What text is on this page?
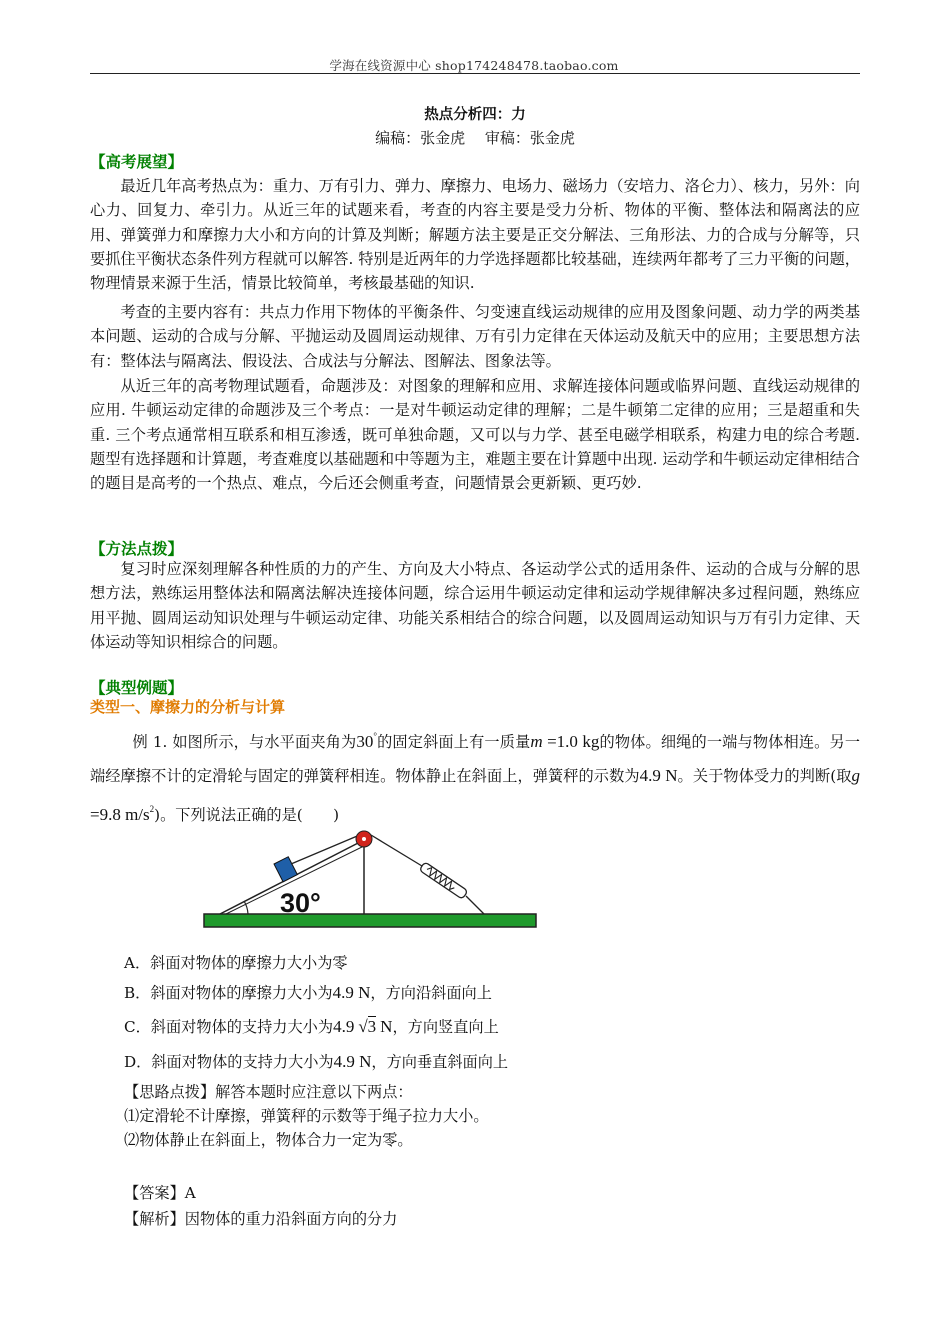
学海在线资源中心 shop174248478.taobao.com
热点分析四：力
编稿：张金虎　 审稿：张金虎
【高考展望】

最近几年高考热点为：重力、万有引力、弹力、摩擦力、电场力、磁场力（安培力、洛仑力）、核力，另外：向心力、回复力、牵引力。从近三年的试题来看，考查的内容主要是受力分析、物体的平衡、整体法和隔离法的应用、弹簧弹力和摩擦力大小和方向的计算及判断；解题方法主要是正交分解法、三角形法、力的合成与分解等，只要抓住平衡状态条件列方程就可以解答. 特别是近两年的力学选择题都比较基础，连续两年都考了三力平衡的问题，物理情景来源于生活，情景比较简单，考核最基础的知识.

考查的主要内容有：共点力作用下物体的平衡条件、匀变速直线运动规律的应用及图象问题、动力学的两类基本问题、运动的合成与分解、平抛运动及圆周运动规律、万有引力定律在天体运动及航天中的应用；主要思想方法有：整体法与隔离法、假设法、合成法与分解法、图解法、图象法等。

从近三年的高考物理试题看，命题涉及：对图象的理解和应用、求解连接体问题或临界问题、直线运动规律的应用. 牛顿运动定律的命题涉及三个考点：一是对牛顿运动定律的理解；二是牛顿第二定律的应用；三是超重和失重. 三个考点通常相互联系和相互渗透，既可单独命题，又可以与力学、甚至电磁学相联系，构建力电的综合考题. 题型有选择题和计算题，考查难度以基础题和中等题为主，难题主要在计算题中出现. 运动学和牛顿运动定律相结合的题目是高考的一个热点、难点，今后还会侧重考查，问题情景会更新颖、更巧妙.

【方法点拨】

复习时应深刻理解各种性质的力的产生、方向及大小特点、各运动学公式的适用条件、运动的合成与分解的思想方法，熟练运用整体法和隔离法解决连接体问题，综合运用牛顿运动定律和运动学规律解决多过程问题，熟练应用平抛、圆周运动知识处理与牛顿运动定律、功能关系相结合的综合问题，以及圆周运动知识与万有引力定律、天体运动等知识相综合的问题。

【典型例题】
类型一、摩擦力的分析与计算

例 1. 如图所示，与水平面夹角为30°的固定斜面上有一质量m =1.0 kg的物体。细绳的一端与物体相连。另一端经摩擦不计的定滑轮与固定的弹簧秤相连。物体静止在斜面上，弹簧秤的示数为4.9 N。关于物体受力的判断(取g =9.8 $m/s^2$)。下列说法正确的是(　　)

30°
A．斜面对物体的摩擦力大小为零
B．斜面对物体的摩擦力大小为4.9 N，方向沿斜面向上
C．斜面对物体的支持力大小为4.9 √3 N，方向竖直向上
D．斜面对物体的支持力大小为4.9 N，方向垂直斜面向上
【思路点拨】解答本题时应注意以下两点：
⑴定滑轮不计摩擦，弹簧秤的示数等于绳子拉力大小。
⑵物体静止在斜面上，物体合力一定为零。
【答案】A
【解析】因物体的重力沿斜面方向的分力
